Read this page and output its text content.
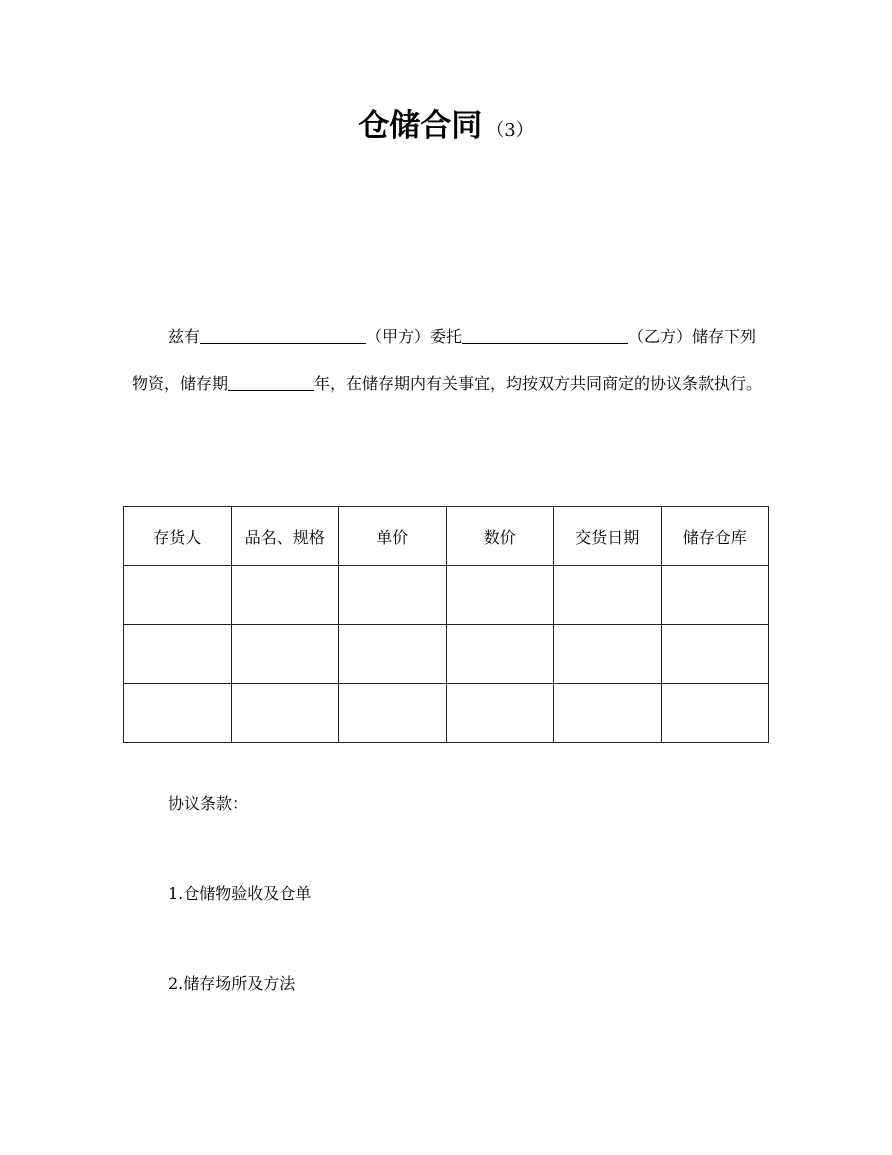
仓储合同 （3）
兹有	（甲方）委托	（乙方）储存下列物资，储存期	年，在储存期内有关事宜，均按双方共同商定的协议条款执行。
存货人	品名、规格	单价	数价	交货日期	储存仓库

协议条款：
1.仓储物验收及仓单
2.储存场所及方法
